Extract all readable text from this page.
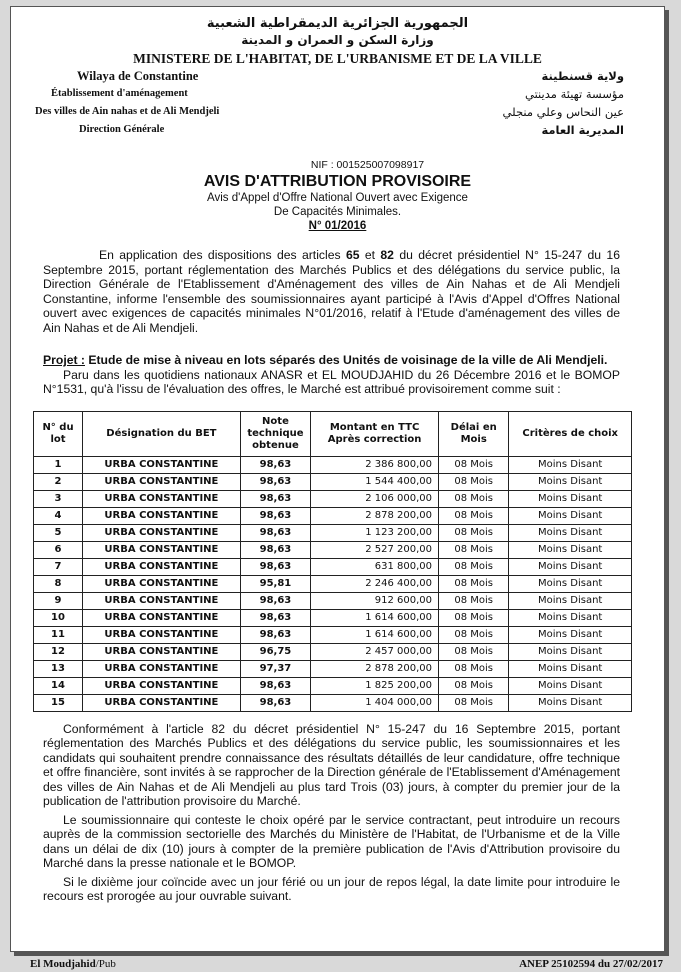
الجمهورية الجزائرية الديمقراطية الشعبية
وزارة السكن و العمران و المدينة
MINISTERE DE L'HABITAT, DE L'URBANISME ET DE LA VILLE
Wilaya de Constantine
Établissement d'aménagement
Des villes de Ain nahas et de Ali Mendjeli
Direction Générale
ولاية قسنطينة
مؤسسة تهيئة مدينتي
عين النحاس وعلي منجلي
المديرية العامة
NIF : 001525007098917
AVIS D'ATTRIBUTION PROVISOIRE
Avis d'Appel d'Offre National Ouvert avec Exigence
De Capacités Minimales.
N° 01/2016
En application des dispositions des articles 65 et 82 du décret présidentiel N° 15-247 du 16 Septembre 2015, portant réglementation des Marchés Publics et des délégations du service public, la Direction Générale de l'Etablissement d'Aménagement des villes de Ain Nahas et de Ali Mendjeli Constantine, informe l'ensemble des soumissionnaires ayant participé à l'Avis d'Appel d'Offres National ouvert avec exigences de capacités minimales N°01/2016, relatif à l'Etude d'aménagement des villes de Ain Nahas et de Ali Mendjeli.
Projet : Etude de mise à niveau en lots séparés des Unités de voisinage de la ville de Ali Mendjeli.
Paru dans les quotidiens nationaux ANASR et EL MOUDJAHID du 26 Décembre 2016 et le BOMOP N°1531, qu'à l'issu de l'évaluation des offres, le Marché est attribué provisoirement comme suit :
N° du lot	Désignation du BET	Note technique obtenue	Montant en TTC Après correction	Délai en Mois	Critères de choix
1	URBA CONSTANTINE	98,63	2 386 800,00	08 Mois	Moins Disant
2	URBA CONSTANTINE	98,63	1 544 400,00	08 Mois	Moins Disant
3	URBA CONSTANTINE	98,63	2 106 000,00	08 Mois	Moins Disant
4	URBA CONSTANTINE	98,63	2 878 200,00	08 Mois	Moins Disant
5	URBA CONSTANTINE	98,63	1 123 200,00	08 Mois	Moins Disant
6	URBA CONSTANTINE	98,63	2 527 200,00	08 Mois	Moins Disant
7	URBA CONSTANTINE	98,63	631 800,00	08 Mois	Moins Disant
8	URBA CONSTANTINE	95,81	2 246 400,00	08 Mois	Moins Disant
9	URBA CONSTANTINE	98,63	912 600,00	08 Mois	Moins Disant
10	URBA CONSTANTINE	98,63	1 614 600,00	08 Mois	Moins Disant
11	URBA CONSTANTINE	98,63	1 614 600,00	08 Mois	Moins Disant
12	URBA CONSTANTINE	96,75	2 457 000,00	08 Mois	Moins Disant
13	URBA CONSTANTINE	97,37	2 878 200,00	08 Mois	Moins Disant
14	URBA CONSTANTINE	98,63	1 825 200,00	08 Mois	Moins Disant
15	URBA CONSTANTINE	98,63	1 404 000,00	08 Mois	Moins Disant
Conformément à l'article 82 du décret présidentiel N° 15-247 du 16 Septembre 2015, portant réglementation des Marchés Publics et des délégations du service public, les soumissionnaires et les candidats qui souhaitent prendre connaissance des résultats détaillés de leur candidature, offre technique et offre financière, sont invités à se rapprocher de la Direction générale de l'Etablissement d'Aménagement des villes de Ain Nahas et de Ali Mendjeli au plus tard Trois (03) jours, à compter du premier jour de la publication de l'attribution provisoire du Marché.
Le soumissionnaire qui conteste le choix opéré par le service contractant, peut introduire un recours auprès de la commission sectorielle des Marchés du Ministère de l'Habitat, de l'Urbanisme et de la Ville dans un délai de dix (10) jours à compter de la première publication de l'Avis d'Attribution provisoire du Marché dans la presse nationale et le BOMOP.
Si le dixième jour coïncide avec un jour férié ou un jour de repos légal, la date limite pour introduire le recours est prorogée au jour ouvrable suivant.
El Moudjahid/Pub	ANEP 25102594 du 27/02/2017
